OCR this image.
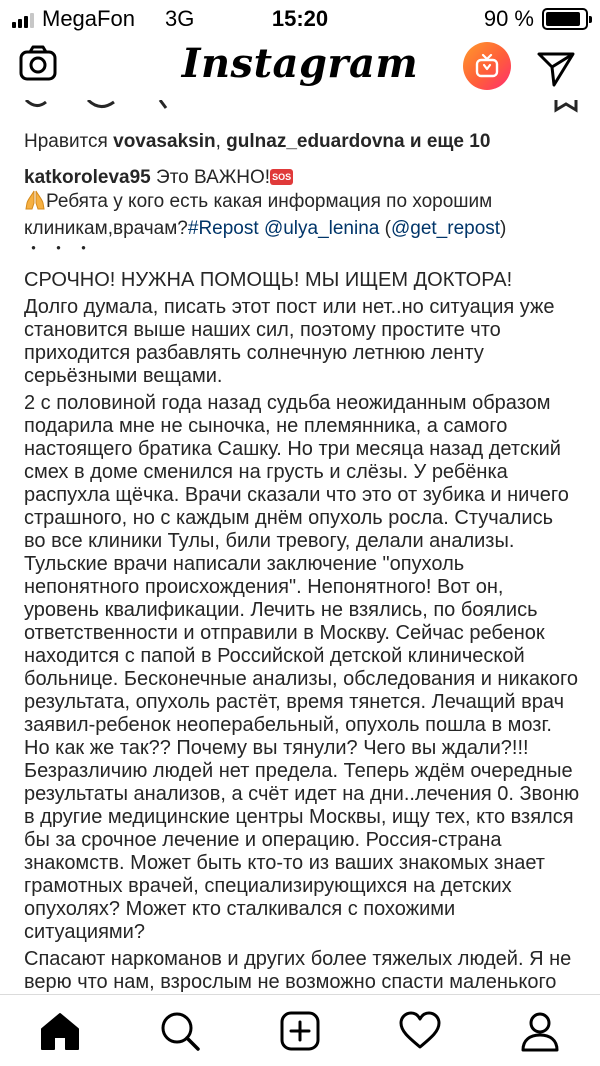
MegaFon 3G	15:20	90 %
Instagram
Нравится vovasaksin, gulnaz_eduardovna и еще 10
katkoroleva95 Это ВАЖНО! SOS
Ребята у кого есть какая информация по хорошим клиникам,врачам?#Repost @ulya_lenina (@get_repost)
・・・
СРОЧНО! НУЖНА ПОМОЩЬ! МЫ ИЩЕМ ДОКТОРА!
Долго думала, писать этот пост или нет..но ситуация уже становится выше наших сил, поэтому простите что приходится разбавлять солнечную летнюю ленту серьёзными вещами.
2 с половиной года назад судьба неожиданным образом подарила мне не сыночка, не племянника, а самого настоящего братика Сашку. Но три месяца назад детский смех в доме сменился на грусть и слёзы. У ребёнка распухла щёчка. Врачи сказали что это от зубика и ничего страшного, но с каждым днём опухоль росла. Стучались во все клиники Тулы, били тревогу, делали анализы. Тульские врачи написали заключение "опухоль непонятного происхождения". Непонятного! Вот он, уровень квалификации. Лечить не взялись, по боялись ответственности и отправили в Москву. Сейчас ребенок находится с папой в Российской детской клинической больнице. Бесконечные анализы, обследования и никакого результата, опухоль растёт, время тянется. Лечащий врач заявил-ребенок неоперабельный, опухоль пошла в мозг. Но как же так?? Почему вы тянули? Чего вы ждали?!!! Безразличию людей нет предела. Теперь ждём очередные результаты анализов, а счёт идет на дни..лечения 0. Звоню в другие медицинские центры Москвы, ищу тех, кто взялся бы за срочное лечение и операцию. Россия-страна знакомств. Может быть кто-то из ваших знакомых знает грамотных врачей, специализирующихся на детских опухолях? Может кто сталкивался с похожими ситуациями?
Спасают наркоманов и других более тяжелых людей. Я не верю что нам, взрослым не возможно спасти маленького
